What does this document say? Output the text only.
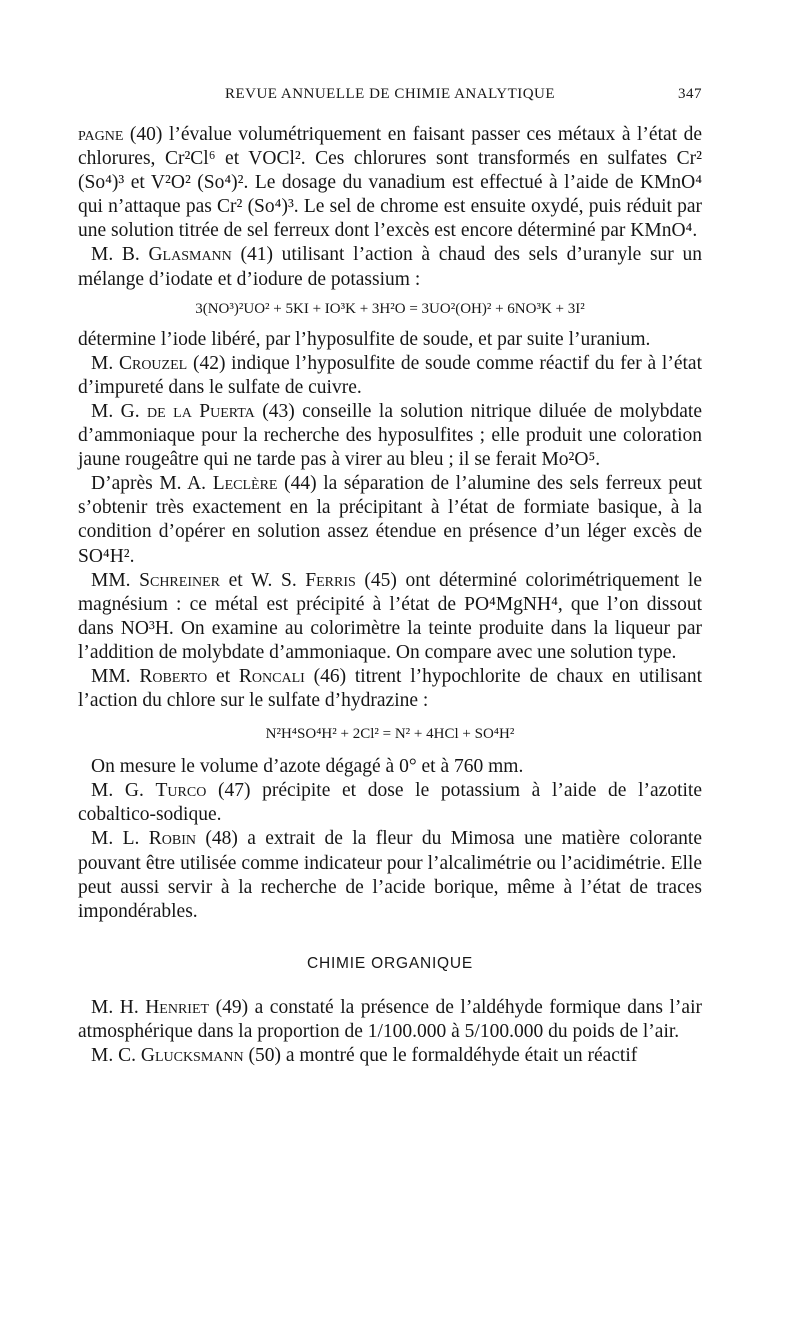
REVUE ANNUELLE DE CHIMIE ANALYTIQUE	347

pagne (40) l’évalue volumétriquement en faisant passer ces métaux à l’état de chlorures, Cr²Cl⁶ et VOCl². Ces chlorures sont transformés en sulfates Cr² (So⁴)³ et V²O² (So⁴)². Le dosage du vanadium est effectué à l’aide de KMnO⁴ qui n’attaque pas Cr² (So⁴)³. Le sel de chrome est ensuite oxydé, puis réduit par une solution titrée de sel ferreux dont l’excès est encore déterminé par KMnO⁴.

M. B. Glasmann (41) utilisant l’action à chaud des sels d’uranyle sur un mélange d’iodate et d’iodure de potassium :

3(NO³)²UO² + 5KI + IO³K + 3H²O = 3UO²(OH)² + 6NO³K + 3I²

détermine l’iode libéré, par l’hyposulfite de soude, et par suite l’uranium.

M. Crouzel (42) indique l’hyposulfite de soude comme réactif du fer à l’état d’impureté dans le sulfate de cuivre.

M. G. de la Puerta (43) conseille la solution nitrique diluée de molybdate d’ammoniaque pour la recherche des hyposulfites ; elle produit une coloration jaune rougeâtre qui ne tarde pas à virer au bleu ; il se ferait Mo²O⁵.

D’après M. A. Leclère (44) la séparation de l’alumine des sels ferreux peut s’obtenir très exactement en la précipitant à l’état de formiate basique, à la condition d’opérer en solution assez étendue en présence d’un léger excès de SO⁴H².

MM. Schreiner et W. S. Ferris (45) ont déterminé colorimétriquement le magnésium : ce métal est précipité à l’état de PO⁴MgNH⁴, que l’on dissout dans NO³H. On examine au colorimètre la teinte produite dans la liqueur par l’addition de molybdate d’ammoniaque. On compare avec une solution type.

MM. Roberto et Roncali (46) titrent l’hypochlorite de chaux en utilisant l’action du chlore sur le sulfate d’hydrazine :

N²H⁴SO⁴H² + 2Cl² = N² + 4HCl + SO⁴H²

On mesure le volume d’azote dégagé à 0° et à 760 mm.

M. G. Turco (47) précipite et dose le potassium à l’aide de l’azotite cobaltico-sodique.

M. L. Robin (48) a extrait de la fleur du Mimosa une matière colorante pouvant être utilisée comme indicateur pour l’alcalimétrie ou l’acidimétrie. Elle peut aussi servir à la recherche de l’acide borique, même à l’état de traces impondérables.

CHIMIE ORGANIQUE

M. H. Henriet (49) a constaté la présence de l’aldéhyde formique dans l’air atmosphérique dans la proportion de 1/100.000 à 5/100.000 du poids de l’air.

M. C. Glucksmann (50) a montré que le formaldéhyde était un réactif
